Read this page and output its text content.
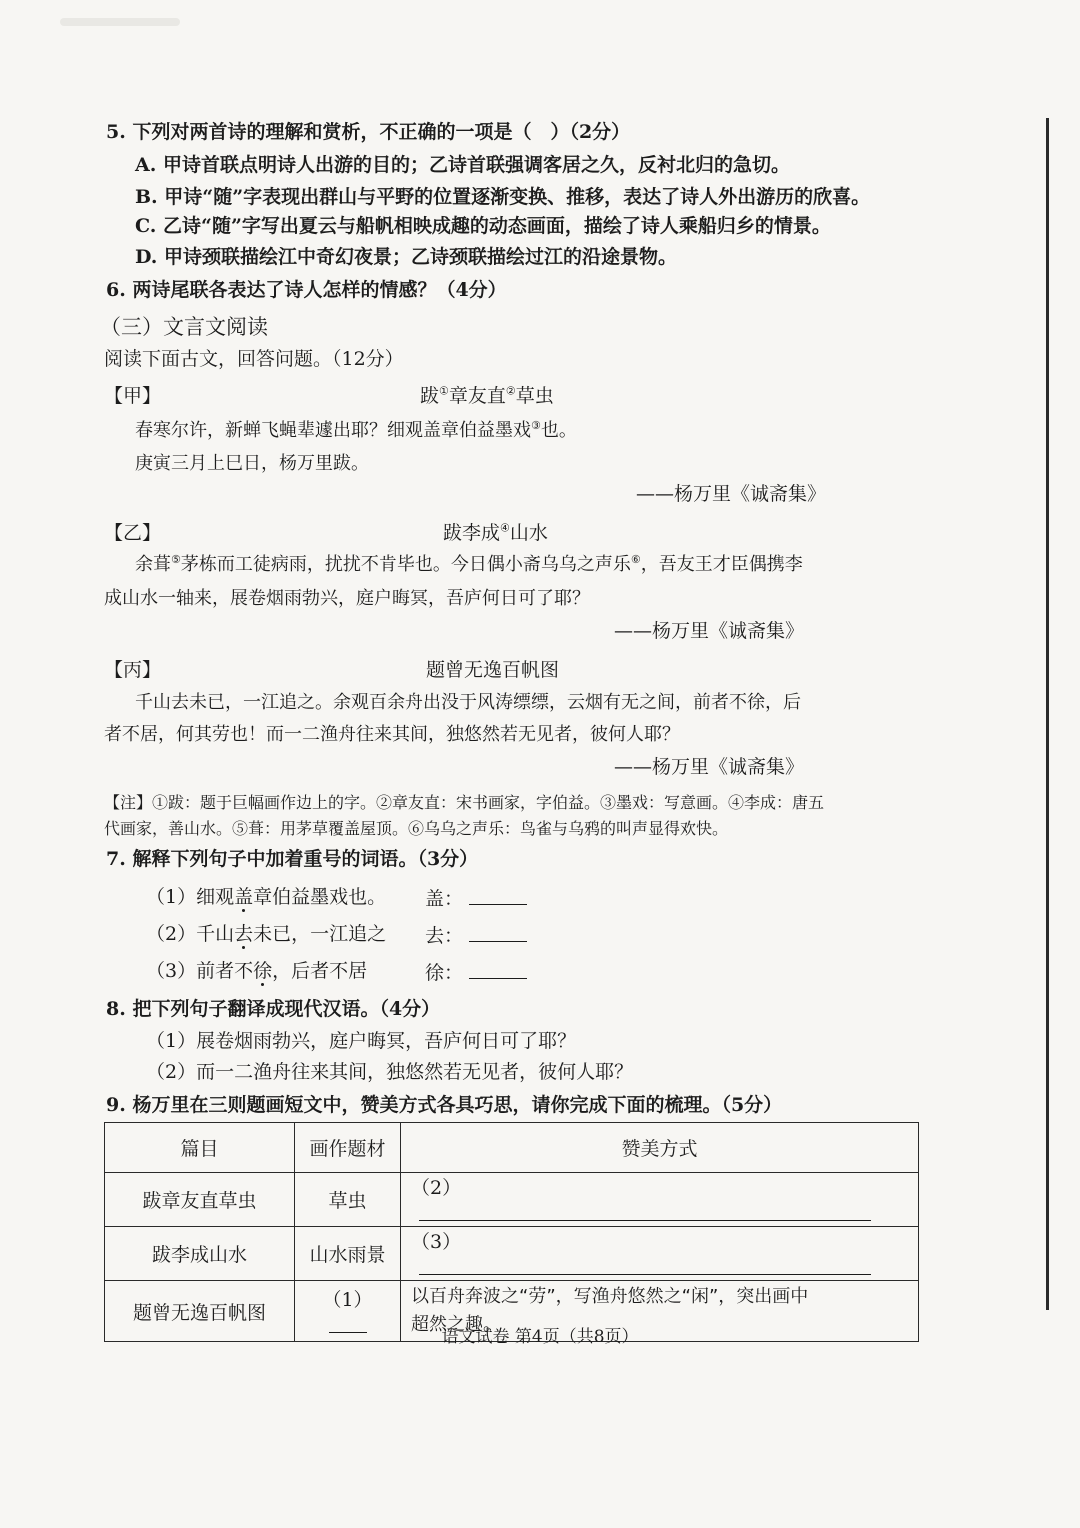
5. 下列对两首诗的理解和赏析，不正确的一项是（　）（2分）
A. 甲诗首联点明诗人出游的目的；乙诗首联强调客居之久，反衬北归的急切。
B. 甲诗“随”字表现出群山与平野的位置逐渐变换、推移，表达了诗人外出游历的欣喜。
C. 乙诗“随”字写出夏云与船帆相映成趣的动态画面，描绘了诗人乘船归乡的情景。
D. 甲诗颈联描绘江中奇幻夜景；乙诗颈联描绘过江的沿途景物。
6. 两诗尾联各表达了诗人怎样的情感？（4分）
（三）文言文阅读
阅读下面古文，回答问题。（12分）
【甲】	跋①章友直②草虫
春寒尔许，新蝉飞蝇辈遽出耶？细观盖章伯益墨戏③也。
庚寅三月上巳日，杨万里跋。
——杨万里《诚斋集》
【乙】	跋李成④山水
余葺⑤茅栋而工徒病雨，扰扰不肯毕也。今日偶小斋乌乌之声乐⑥，吾友王才臣偶携李
成山水一轴来，展卷烟雨勃兴，庭户晦冥，吾庐何日可了耶？
——杨万里《诚斋集》
【丙】	题曾无逸百帆图
千山去未已，一江追之。余观百余舟出没于风涛缥缥，云烟有无之间，前者不徐，后
者不居，何其劳也！而一二渔舟往来其间，独悠然若无见者，彼何人耶？
——杨万里《诚斋集》
【注】①跋：题于巨幅画作边上的字。②章友直：宋书画家，字伯益。③墨戏：写意画。④李成：唐五
代画家，善山水。⑤葺：用茅草覆盖屋顶。⑥乌乌之声乐：鸟雀与乌鸦的叫声显得欢快。
7. 解释下列句子中加着重号的词语。（3分）
（1）细观盖章伯益墨戏也。 盖：
（2）千山去未已，一江追之 去：
（3）前者不徐，后者不居	徐：
8. 把下列句子翻译成现代汉语。（4分）
（1）展卷烟雨勃兴，庭户晦冥，吾庐何日可了耶？
（2）而一二渔舟往来其间，独悠然若无见者，彼何人耶？
9. 杨万里在三则题画短文中，赞美方式各具巧思，请你完成下面的梳理。（5分）
篇目	画作题材	赞美方式
跋章友直草虫	草虫	（2）
跋李成山水	山水雨景	（3）
题曾无逸百帆图	（1）	以百舟奔波之“劳”，写渔舟悠然之“闲”，突出画中
超然之趣。
语文试卷 第4页（共8页）
